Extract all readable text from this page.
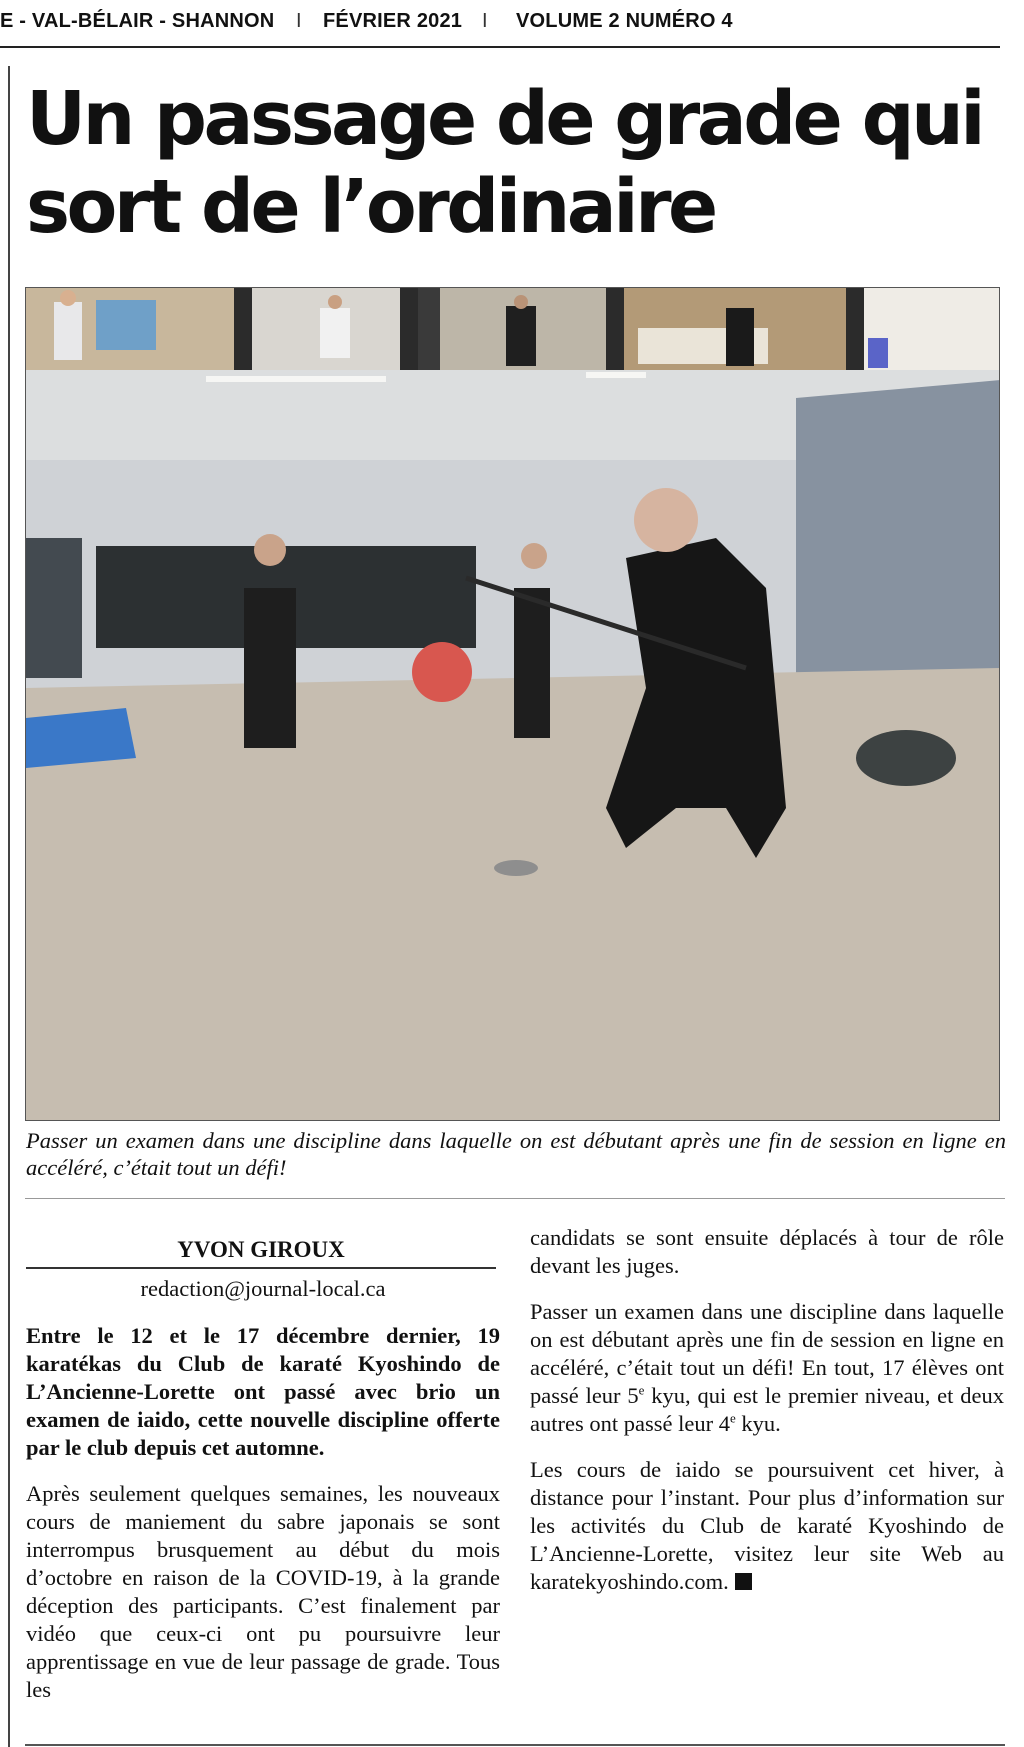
E - VAL-BÉLAIR - SHANNON I FÉVRIER 2021 I VOLUME 2 NUMÉRO 4
Un passage de grade qui sort de l’ordinaire

Passer un examen dans une discipline dans laquelle on est débutant après une fin de session en ligne en accéléré, c’était tout un défi!

YVON GIROUX
redaction@journal-local.ca

Entre le 12 et le 17 décembre dernier, 19 karatékas du Club de karaté Kyoshindo de L’Ancienne-Lorette ont passé avec brio un examen de iaido, cette nouvelle discipline offerte par le club depuis cet automne.

Après seulement quelques semaines, les nouveaux cours de maniement du sabre japonais se sont interrompus brusquement au début du mois d’octobre en raison de la COVID-19, à la grande déception des participants. C’est finalement par vidéo que ceux-ci ont pu poursuivre leur apprentissage en vue de leur passage de grade. Tous les

candidats se sont ensuite déplacés à tour de rôle devant les juges.

Passer un examen dans une discipline dans laquelle on est débutant après une fin de session en ligne en accéléré, c’était tout un défi! En tout, 17 élèves ont passé leur 5e kyu, qui est le premier niveau, et deux autres ont passé leur 4e kyu.

Les cours de iaido se poursuivent cet hiver, à distance pour l’instant. Pour plus d’information sur les activités du Club de karaté Kyoshindo de L’Ancienne-Lorette, visitez leur site Web au karatekyoshindo.com.
